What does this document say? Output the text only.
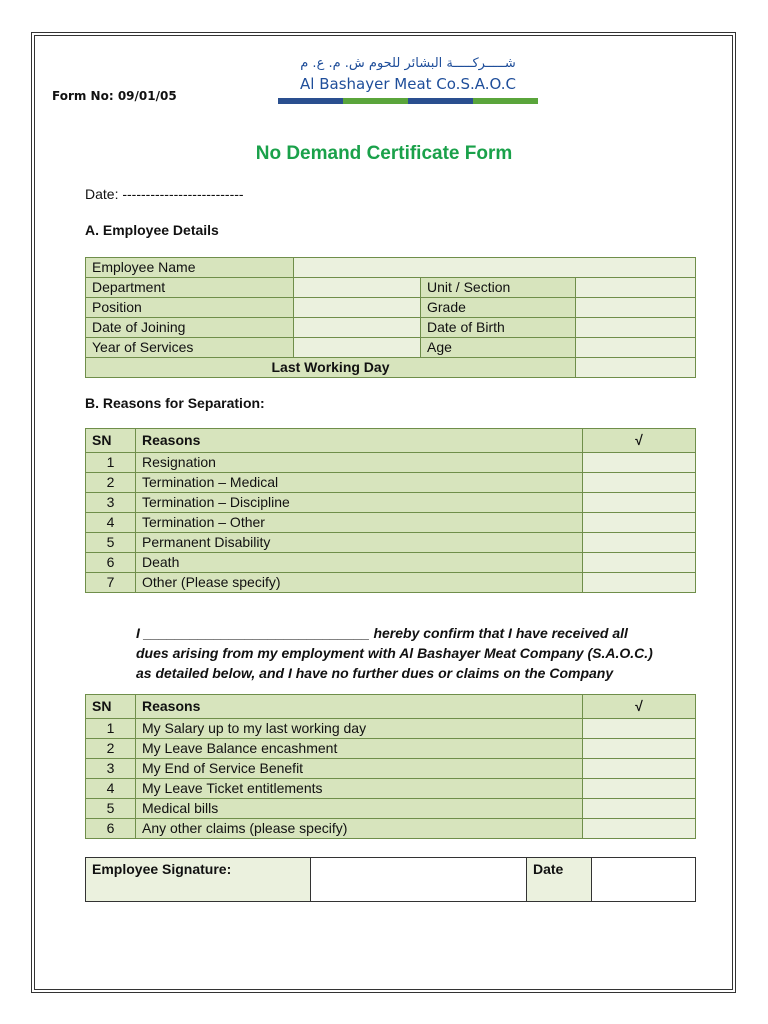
Form No: 09/01/05
شـــــركـــــة البشائر للحوم ش. م. ع. م
Al Bashayer Meat Co.S.A.O.C
No Demand Certificate Form
Date: --------------------------
A. Employee Details
Employee Name			
Department		Unit / Section	
Position		Grade	
Date of Joining		Date of Birth	
Year of Services		Age	
Last Working Day			
B. Reasons for Separation:
SN	Reasons	√
1	Resignation	
2	Termination – Medical	
3	Termination – Discipline	
4	Termination – Other	
5	Permanent Disability	
6	Death	
7	Other (Please specify)	
I _____________________________ hereby confirm that I have received all
dues arising from my employment with Al Bashayer Meat Company (S.A.O.C.)
as detailed below, and I have no further dues or claims on the Company
SN	Reasons	√
1	My Salary up to my last working day	
2	My Leave Balance encashment	
3	My End of Service Benefit	
4	My Leave Ticket entitlements	
5	Medical bills	
6	Any other claims (please specify)	
Employee Signature:		Date	
